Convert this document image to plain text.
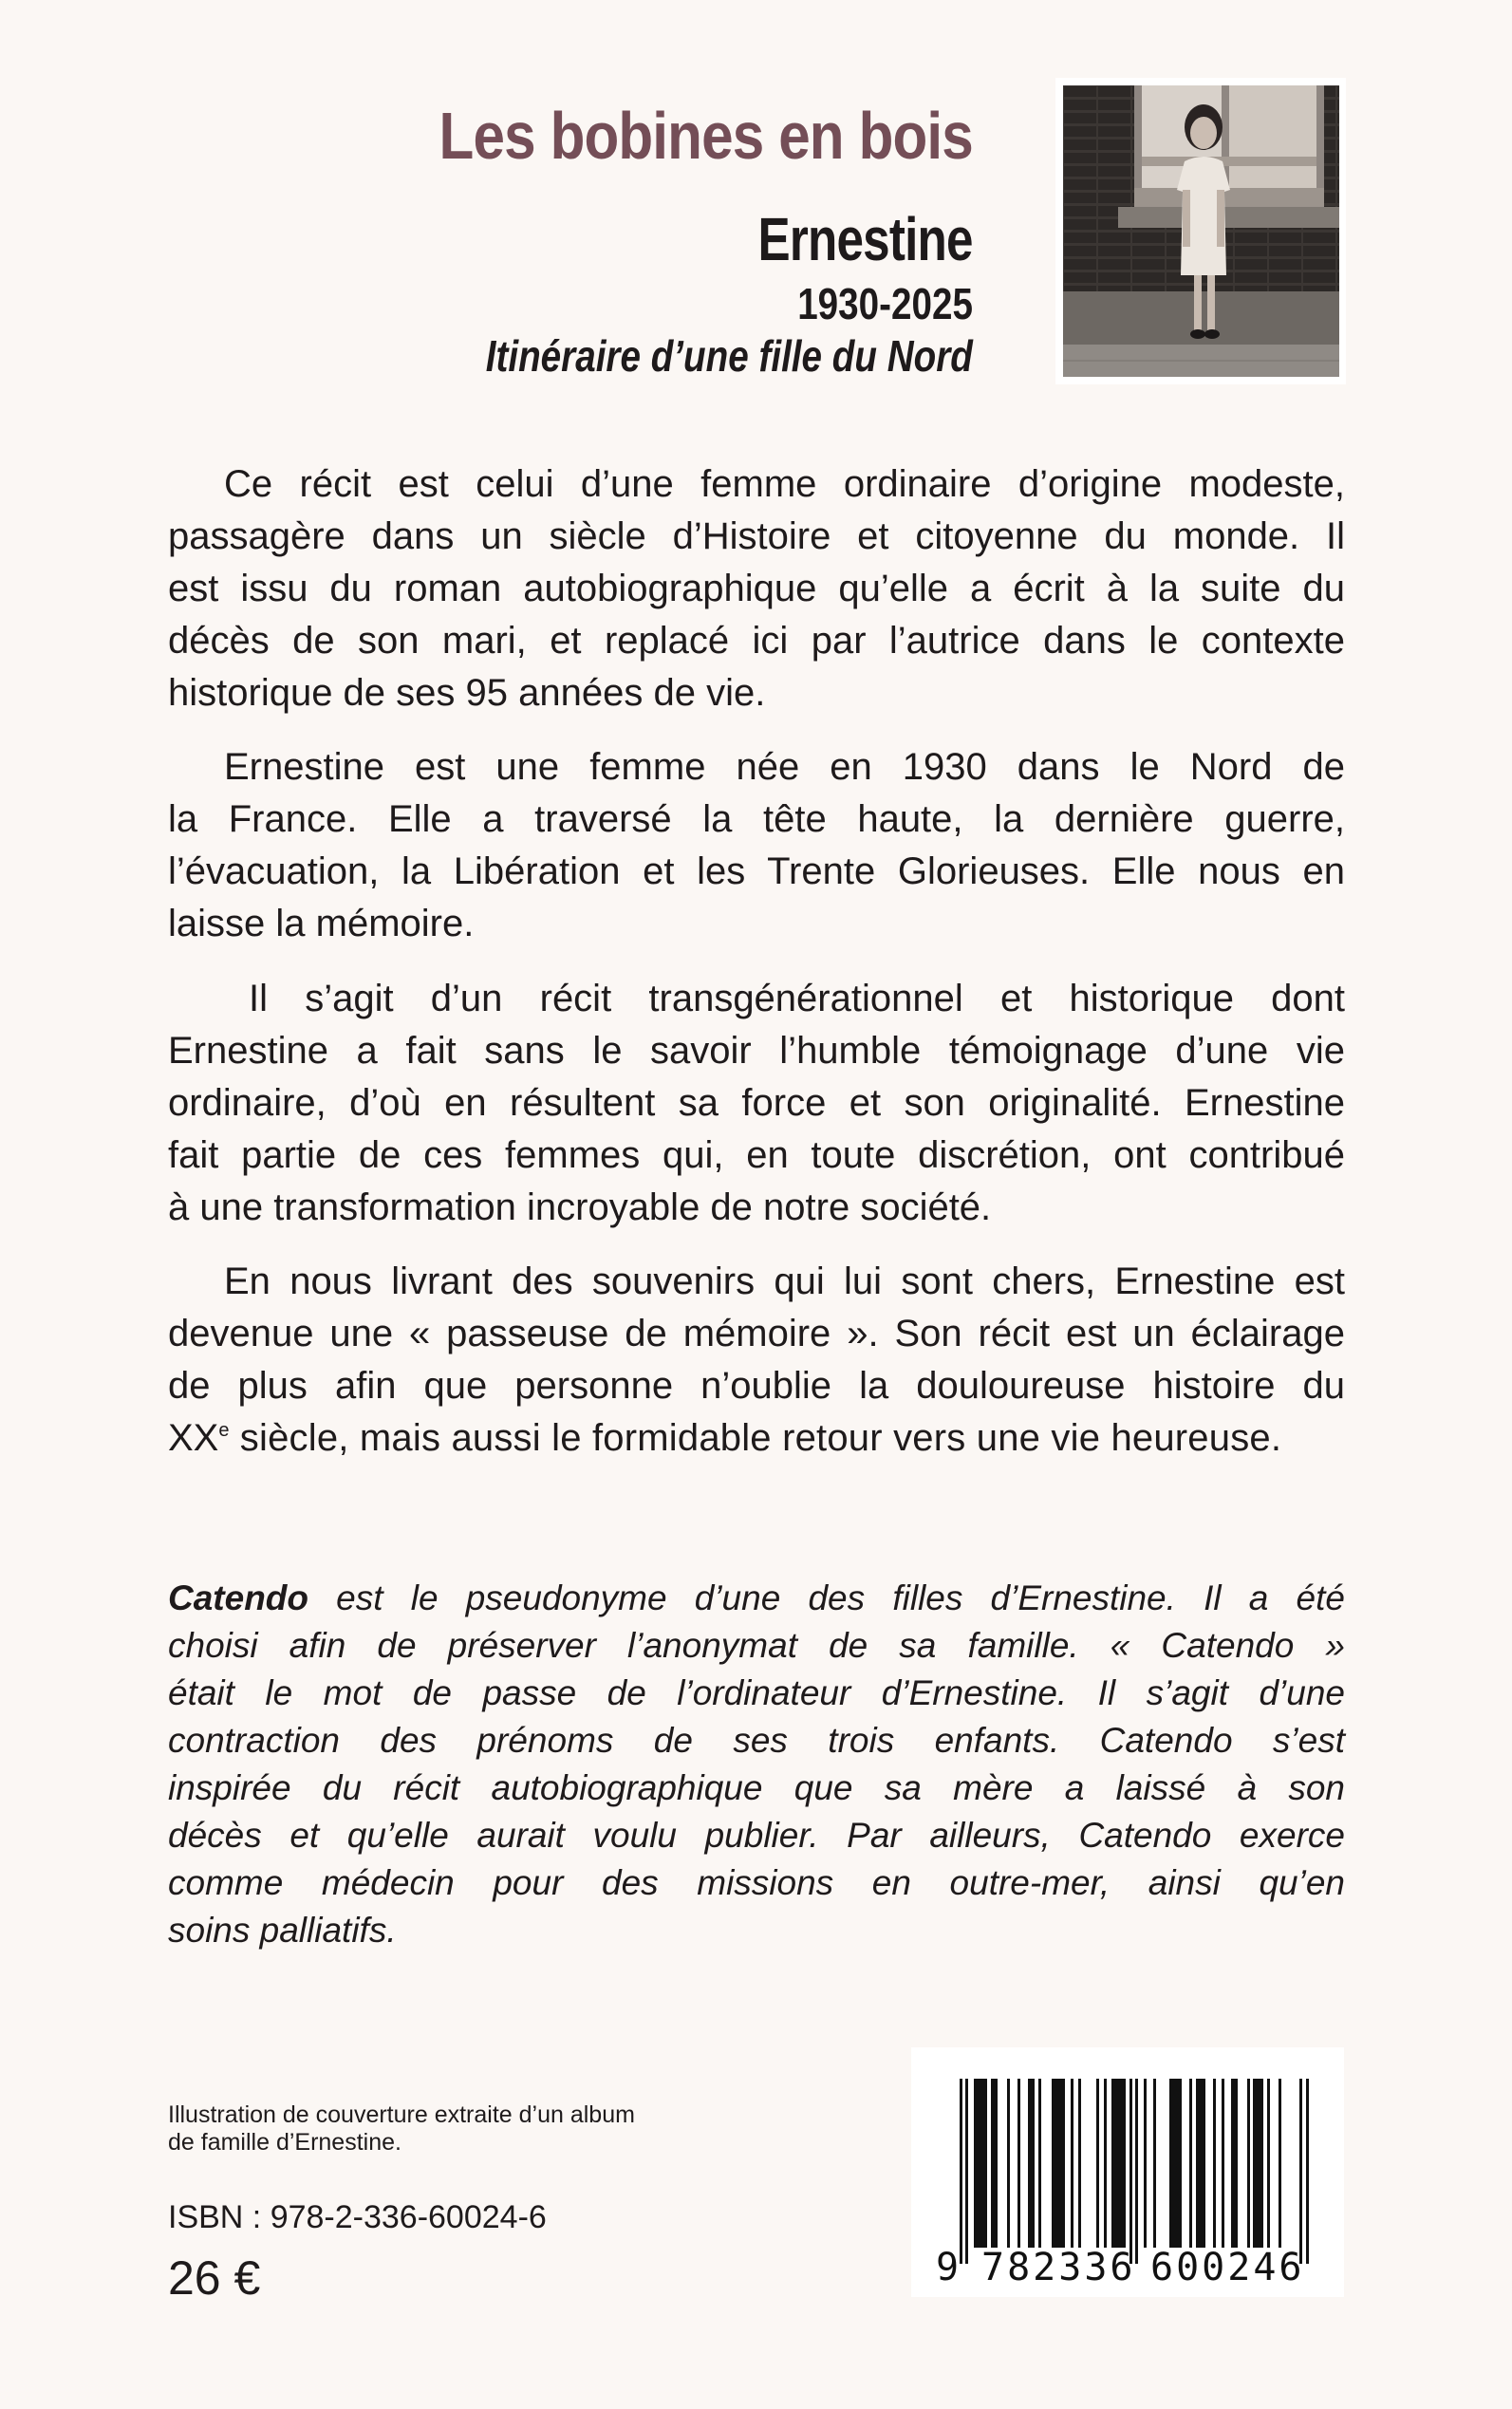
Les bobines en bois
Ernestine
1930-2025
Itinéraire d’une fille du Nord
Ce récit est celui d’une femme ordinaire d’origine modeste,
passagère dans un siècle d’Histoire et citoyenne du monde. Il
est issu du roman autobiographique qu’elle a écrit à la suite du
décès de son mari, et replacé ici par l’autrice dans le contexte
historique de ses 95 années de vie.
Ernestine est une femme née en 1930 dans le Nord de
la France. Elle a traversé la tête haute, la dernière guerre,
l’évacuation, la Libération et les Trente Glorieuses. Elle nous en
laisse la mémoire.
Il s’agit d’un récit transgénérationnel et historique dont
Ernestine a fait sans le savoir l’humble témoignage d’une vie
ordinaire, d’où en résultent sa force et son originalité. Ernestine
fait partie de ces femmes qui, en toute discrétion, ont contribué
à une transformation incroyable de notre société.
En nous livrant des souvenirs qui lui sont chers, Ernestine est
devenue une « passeuse de mémoire ». Son récit est un éclairage
de plus afin que personne n’oublie la douloureuse histoire du
XXe siècle, mais aussi le formidable retour vers une vie heureuse.
Catendo est le pseudonyme d’une des filles d’Ernestine. Il a été
choisi afin de préserver l’anonymat de sa famille. « Catendo »
était le mot de passe de l’ordinateur d’Ernestine. Il s’agit d’une
contraction des prénoms de ses trois enfants. Catendo s’est
inspirée du récit autobiographique que sa mère a laissé à son
décès et qu’elle aurait voulu publier. Par ailleurs, Catendo exerce
comme médecin pour des missions en outre-mer, ainsi qu’en
soins palliatifs.
Illustration de couverture extraite d’un album
de famille d’Ernestine.
ISBN : 978-2-336-60024-6
26 €	9 782336 600246
